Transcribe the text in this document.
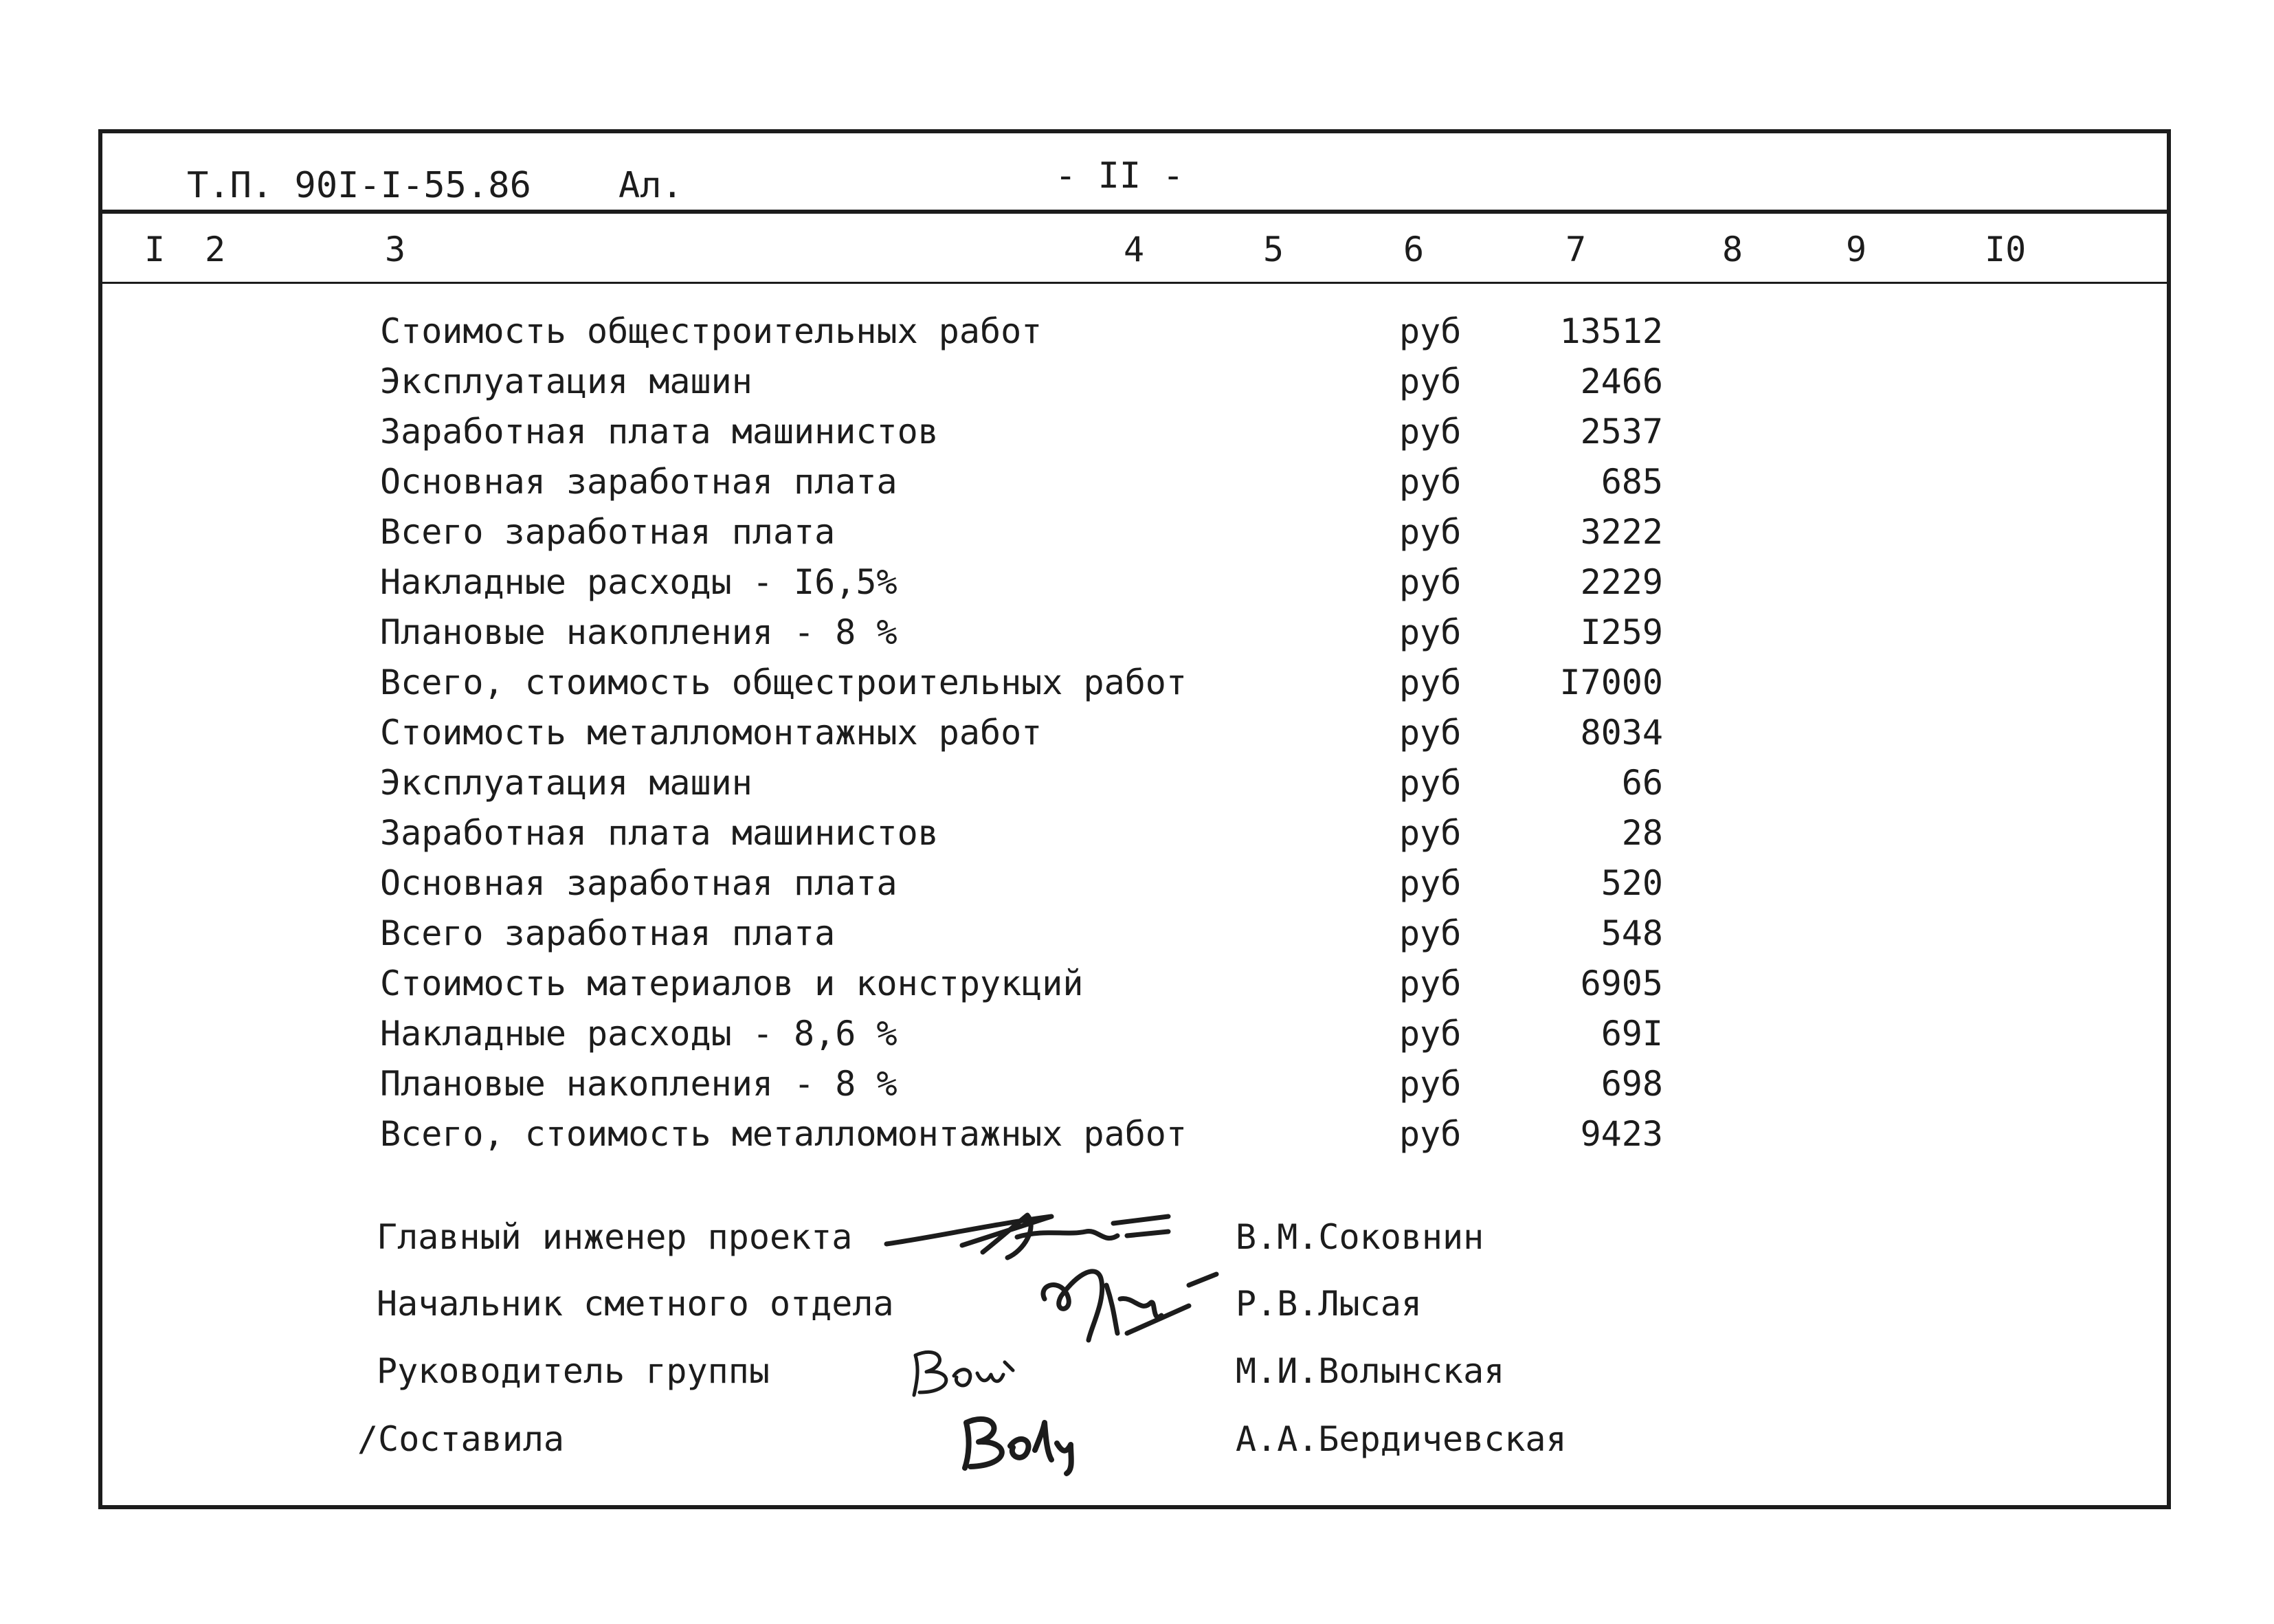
Т.П. 90I-I-55.86 Ал.	- II -
I 2	3	4	5	6	7	8	9	I0
Стоимость общестроительных работ	руб	13512
Эксплуатация машин	руб	2466
Заработная плата машинистов	руб	2537
Основная заработная плата	руб	685
Всего заработная плата	руб	3222
Накладные расходы - I6,5%	руб	2229
Плановые накопления - 8 %	руб	I259
Всего, стоимость общестроительных работ	руб	I7000
Стоимость металломонтажных работ	руб	8034
Эксплуатация машин	руб	66
Заработная плата машинистов	руб	28
Основная заработная плата	руб	520
Всего заработная плата	руб	548
Стоимость материалов и конструкций	руб	6905
Накладные расходы - 8,6 %	руб	69I
Плановые накопления - 8 %	руб	698
Всего, стоимость металломонтажных работ	руб	9423
Главный инженер проекта	В.М.Соковнин
Начальник сметного отдела	Р.В.Лысая
Руководитель группы	М.И.Волынская
/Составила	А.А.Бердичевская
